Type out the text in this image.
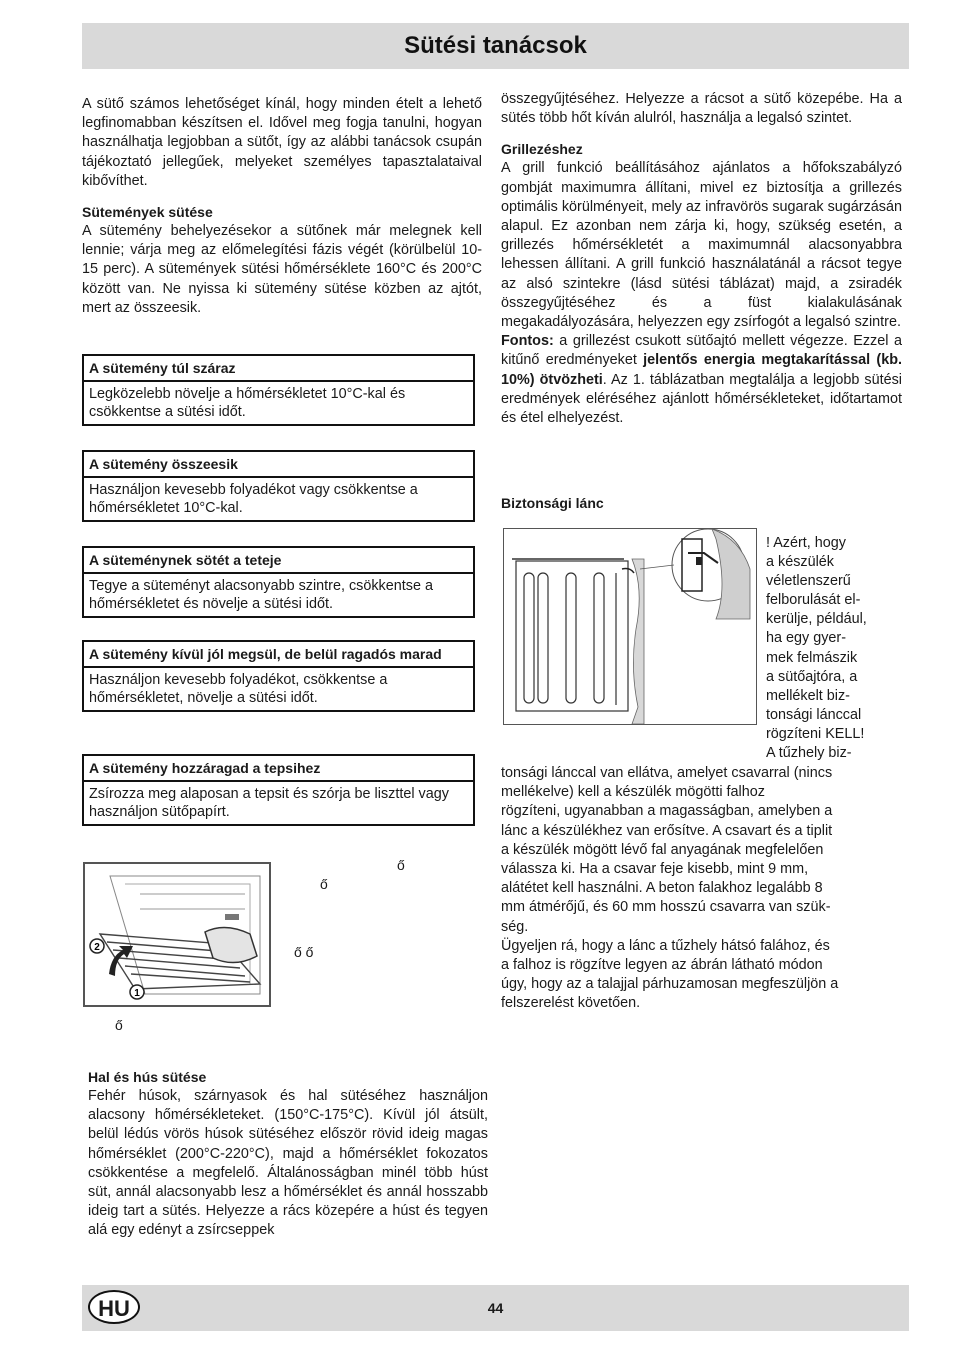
Sütési tanácsok

A sütő számos lehetőséget kínál, hogy minden ételt a lehető legfinomabban készítsen el. Idővel meg fogja tanulni, hogyan használhatja legjobban a sütőt, így az alábbi tanácsok csupán tájékoztató jellegűek, melyeket személyes tapasztalataival kibővíthet.

Sütemények sütése

A sütemény behelyezésekor a sütőnek már melegnek kell lennie; várja meg az előmelegítési fázis végét (körülbelül 10-15 perc). A sütemények sütési hőmérséklete 160°C és 200°C között van. Ne nyissa ki sütemény sütése közben az ajtót, mert az összeesik.

A sütemény túl száraz
Legközelebb növelje a hőmérsékletet 10°C-kal és csökkentse a sütési időt.
A sütemény összeesik
Használjon kevesebb folyadékot vagy csökkentse a hőmérsékletet 10°C-kal.
A süteménynek sötét a teteje
Tegye a süteményt alacsonyabb szintre, csökkentse a hőmérsékletet és növelje a sütési időt.
A sütemény kívül jól megsül, de belül ragadós marad
Használjon kevesebb folyadékot, csökkentse a hőmérsékletet, növelje a sütési időt.
A sütemény hozzáragad a tepsihez
Zsírozza meg alaposan a tepsit és szórja be liszttel vagy használjon sütőpapírt.
2
1
ő
ő
ő ő
ő

Hal és hús sütése

Fehér húsok, szárnyasok és hal sütéséhez használjon alacsony hőmérsékleteket. (150°C-175°C). Kívül jól átsült, belül lédús vörös húsok sütéséhez először rövid ideig magas hőmérséklet (200°C-220°C), majd a hőmérséklet fokozatos csökkentése a megfelelő. Általánosságban minél több húst süt, annál alacsonyabb lesz a hőmérséklet és annál hosszabb ideig tart a sütés. Helyezze a rács közepére a húst és tegyen alá egy edényt a zsírcseppek

összegyűjtéséhez. Helyezze a rácsot a sütő közepébe. Ha a sütés több hőt kíván alulról, használja a legalsó szintet.

Grillezéshez

A grill funkció beállításához ajánlatos a hőfokszabályzó gombját maximumra állítani, mivel ez biztosítja a grillezés optimális körülményeit, mely az infravörös sugarak sugárzásán alapul. Ez azonban nem zárja ki, hogy, szükség esetén, a grillezés hőmérsékletét a maximumnál alacsonyabbra lehessen állítani. A grill funkció használatánál a rácsot tegye az alsó szintekre (lásd sütési táblázat) majd, a zsiradék összegyűjtéséhez és a füst kialakulásának megakadályozására, helyezzen egy zsírfogót a legalsó szintre.

Fontos: a grillezést csukott sütőajtó mellett végezze. Ezzel a kitűnő eredményeket jelentős energia megtakarítással (kb. 10%) ötvözheti. Az 1. táblázatban megtalálja a legjobb sütési eredmények eléréséhez ajánlott hőmérsékleteket, időtartamot és étel elhelyezést.

Biztonsági lánc

! Azért, hogy
a készülék
véletlenszerű
felborulását el-
kerülje, például,
ha egy gyer-
mek felmászik
a sütőajtóra, a
mellékelt biz-
tonsági lánccal
rögzíteni KELL!
A tűzhely biz-
tonsági lánccal van ellátva, amelyet csavarral (nincs
mellékelve) kell a készülék mögötti falhoz
rögzíteni, ugyanabban a magasságban, amelyben a
lánc a készülékhez van erősítve. A csavart és a tiplit
a készülék mögött lévő fal anyagának megfelelően
válassza ki. Ha a csavar feje kisebb, mint 9 mm,
alátétet kell használni. A beton falakhoz legalább 8
mm átmérőjű, és 60 mm hosszú csavarra van szük-
ség.
Ügyeljen rá, hogy a lánc a tűzhely hátsó falához, és
a falhoz is rögzítve legyen az ábrán látható módon
úgy, hogy az a talajjal párhuzamosan megfeszüljön a
felszerelést követően.
HU	44
